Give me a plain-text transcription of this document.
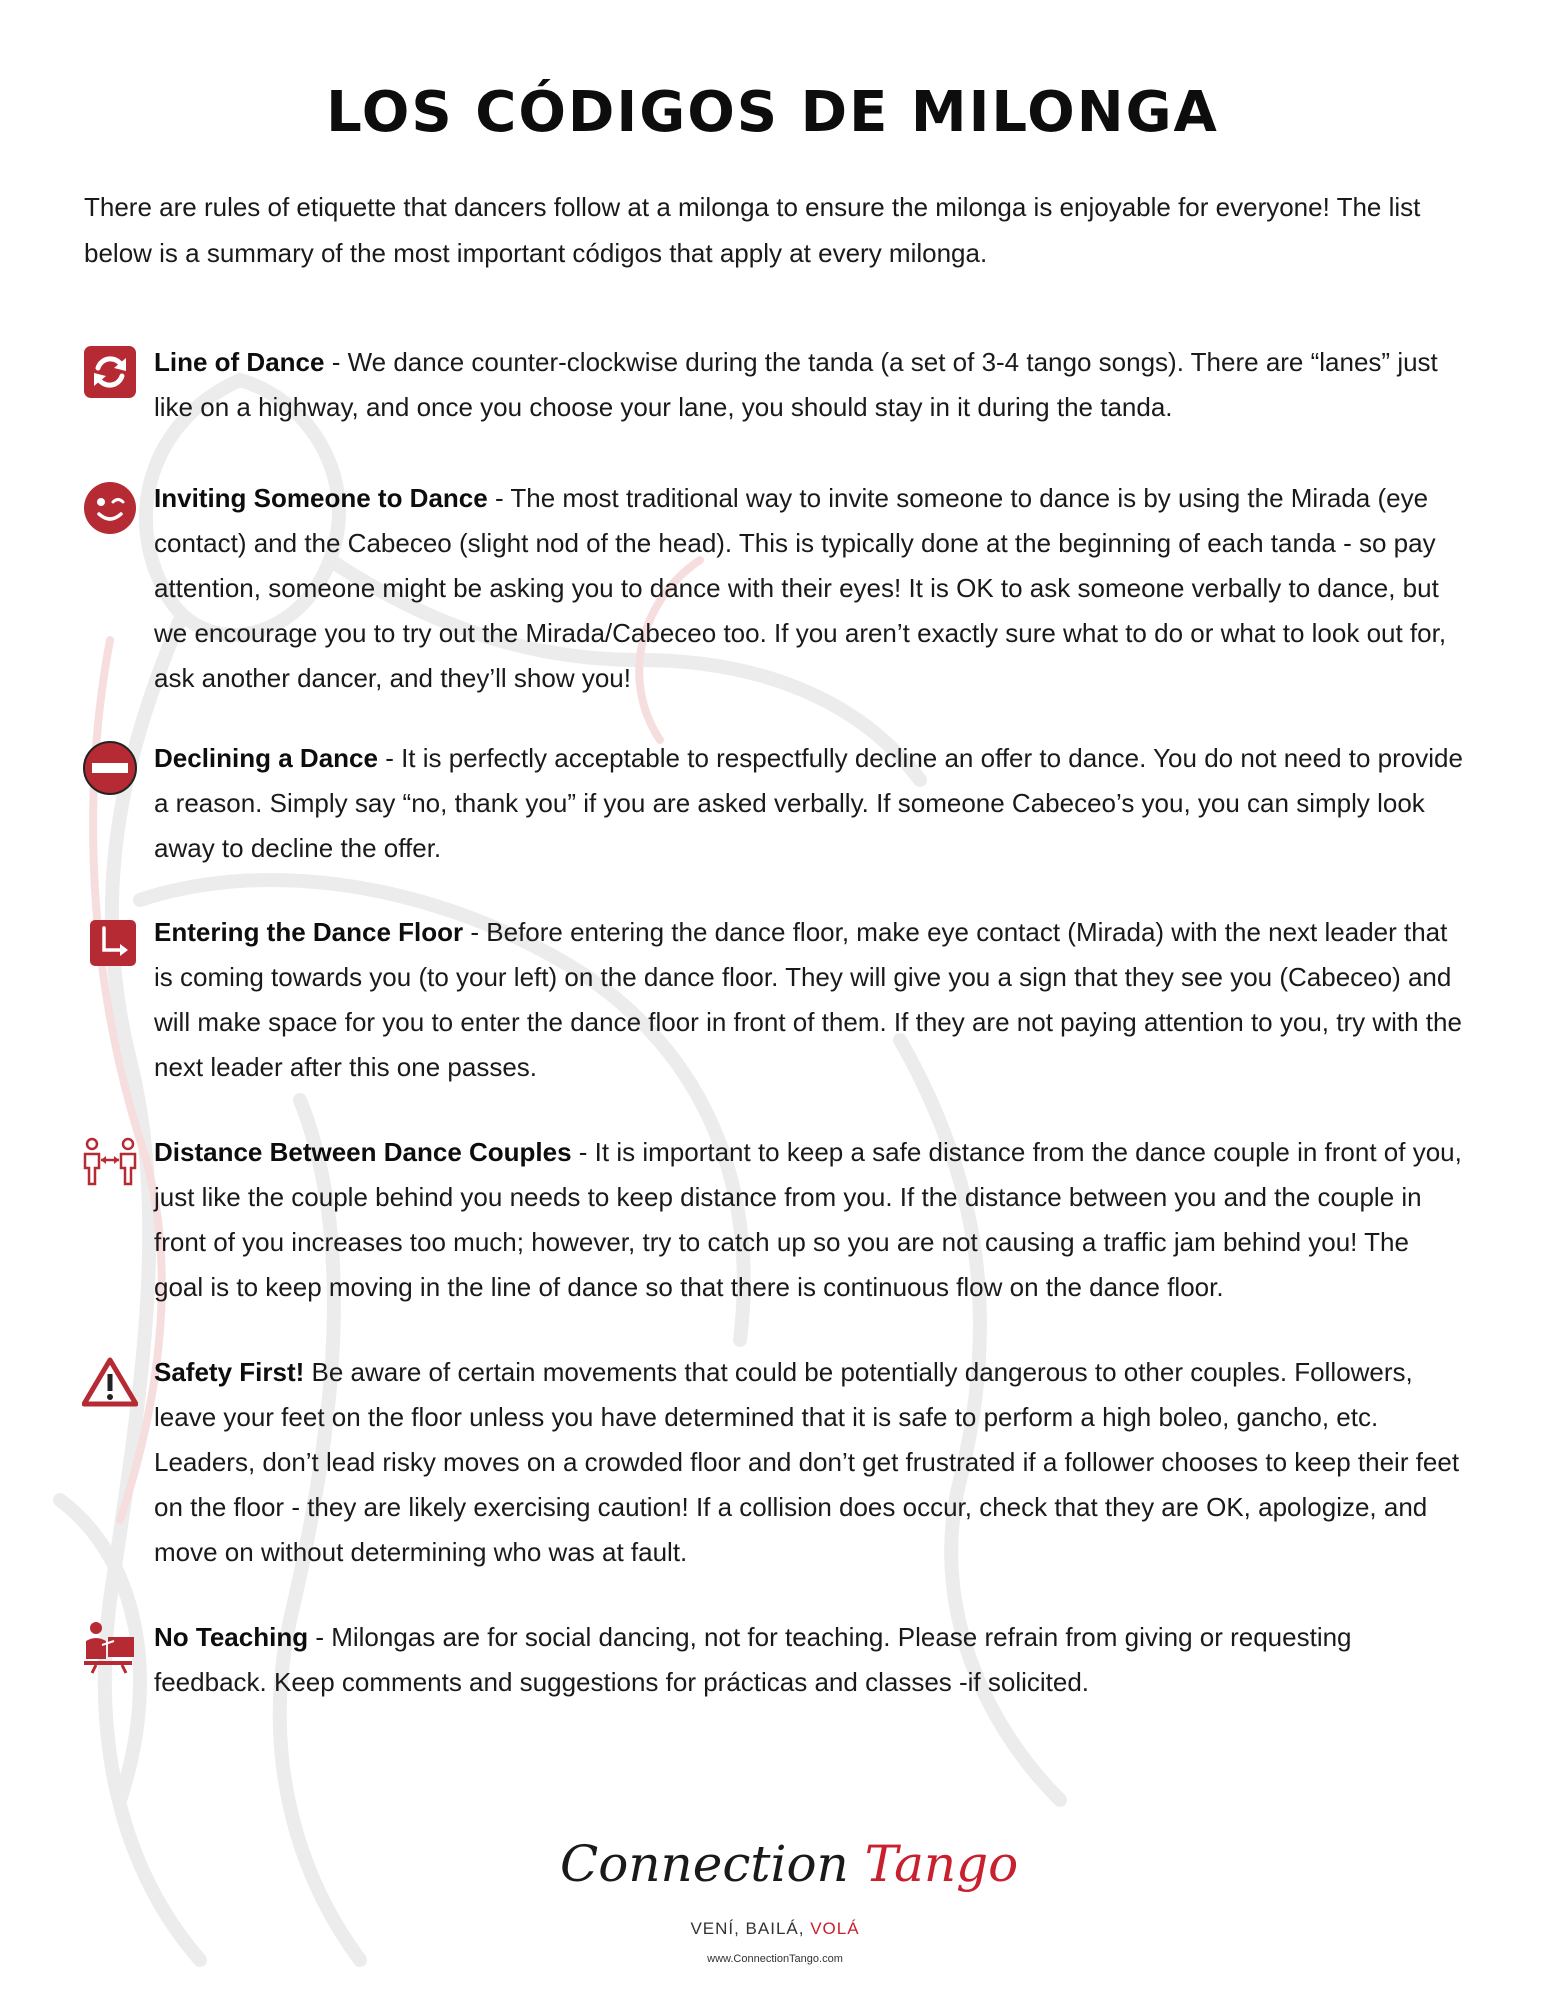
LOS CÓDIGOS DE MILONGA

There are rules of etiquette that dancers follow at a milonga to ensure the milonga is enjoyable for everyone! The list below is a summary of the most important códigos that apply at every milonga.

Line of Dance - We dance counter-clockwise during the tanda (a set of 3-4 tango songs). There are “lanes” just like on a highway, and once you choose your lane, you should stay in it during the tanda.
Inviting Someone to Dance - The most traditional way to invite someone to dance is by using the Mirada (eye contact) and the Cabeceo (slight nod of the head). This is typically done at the beginning of each tanda - so pay attention, someone might be asking you to dance with their eyes! It is OK to ask someone verbally to dance, but we encourage you to try out the Mirada/Cabeceo too. If you aren’t exactly sure what to do or what to look out for, ask another dancer, and they’ll show you!
Declining a Dance - It is perfectly acceptable to respectfully decline an offer to dance. You do not need to provide a reason. Simply say “no, thank you” if you are asked verbally. If someone Cabeceo’s you, you can simply look away to decline the offer.
Entering the Dance Floor - Before entering the dance floor, make eye contact (Mirada) with the next leader that is coming towards you (to your left) on the dance floor. They will give you a sign that they see you (Cabeceo) and will make space for you to enter the dance floor in front of them. If they are not paying attention to you, try with the next leader after this one passes.
Distance Between Dance Couples - It is important to keep a safe distance from the dance couple in front of you, just like the couple behind you needs to keep distance from you. If the distance between you and the couple in front of you increases too much; however, try to catch up so you are not causing a traffic jam behind you! The goal is to keep moving in the line of dance so that there is continuous flow on the dance floor.
Safety First! Be aware of certain movements that could be potentially dangerous to other couples. Followers, leave your feet on the floor unless you have determined that it is safe to perform a high boleo, gancho, etc. Leaders, don’t lead risky moves on a crowded floor and don’t get frustrated if a follower chooses to keep their feet on the floor - they are likely exercising caution! If a collision does occur, check that they are OK, apologize, and move on without determining who was at fault.
No Teaching - Milongas are for social dancing, not for teaching. Please refrain from giving or requesting feedback. Keep comments and suggestions for prácticas and classes -if solicited.
Connection Tango
VENÍ, BAILÁ, VOLÁ
www.ConnectionTango.com
